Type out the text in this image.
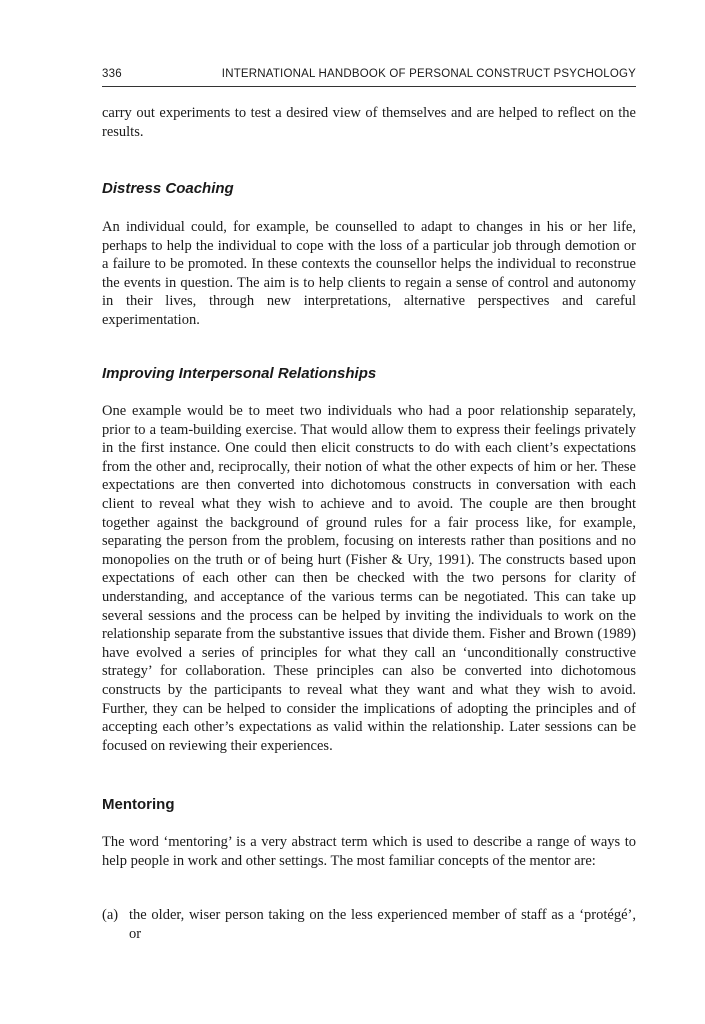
336	INTERNATIONAL HANDBOOK OF PERSONAL CONSTRUCT PSYCHOLOGY

carry out experiments to test a desired view of themselves and are helped to reflect on the results.

Distress Coaching

An individual could, for example, be counselled to adapt to changes in his or her life, perhaps to help the individual to cope with the loss of a particular job through demotion or a failure to be promoted. In these contexts the counsellor helps the individual to reconstrue the events in question. The aim is to help clients to regain a sense of control and autonomy in their lives, through new interpretations, alternative perspectives and careful experimentation.

Improving Interpersonal Relationships

One example would be to meet two individuals who had a poor relationship separately, prior to a team-building exercise. That would allow them to express their feelings privately in the first instance. One could then elicit constructs to do with each client’s expectations from the other and, reciprocally, their notion of what the other expects of him or her. These expectations are then converted into dichotomous constructs in conversation with each client to reveal what they wish to achieve and to avoid. The couple are then brought together against the background of ground rules for a fair process like, for example, separating the person from the problem, focusing on interests rather than positions and no monopolies on the truth or of being hurt (Fisher & Ury, 1991). The constructs based upon expectations of each other can then be checked with the two persons for clarity of understanding, and acceptance of the various terms can be negotiated. This can take up several sessions and the process can be helped by inviting the individuals to work on the relationship separate from the substantive issues that divide them. Fisher and Brown (1989) have evolved a series of principles for what they call an ‘unconditionally constructive strategy’ for collaboration. These principles can also be converted into dichotomous constructs by the participants to reveal what they want and what they wish to avoid. Further, they can be helped to consider the implications of adopting the principles and of accepting each other’s expectations as valid within the relationship. Later sessions can be focused on reviewing their experiences.

Mentoring

The word ‘mentoring’ is a very abstract term which is used to describe a range of ways to help people in work and other settings. The most familiar concepts of the mentor are:

(a) the older, wiser person taking on the less experienced member of staff as a ‘protégé’, or
